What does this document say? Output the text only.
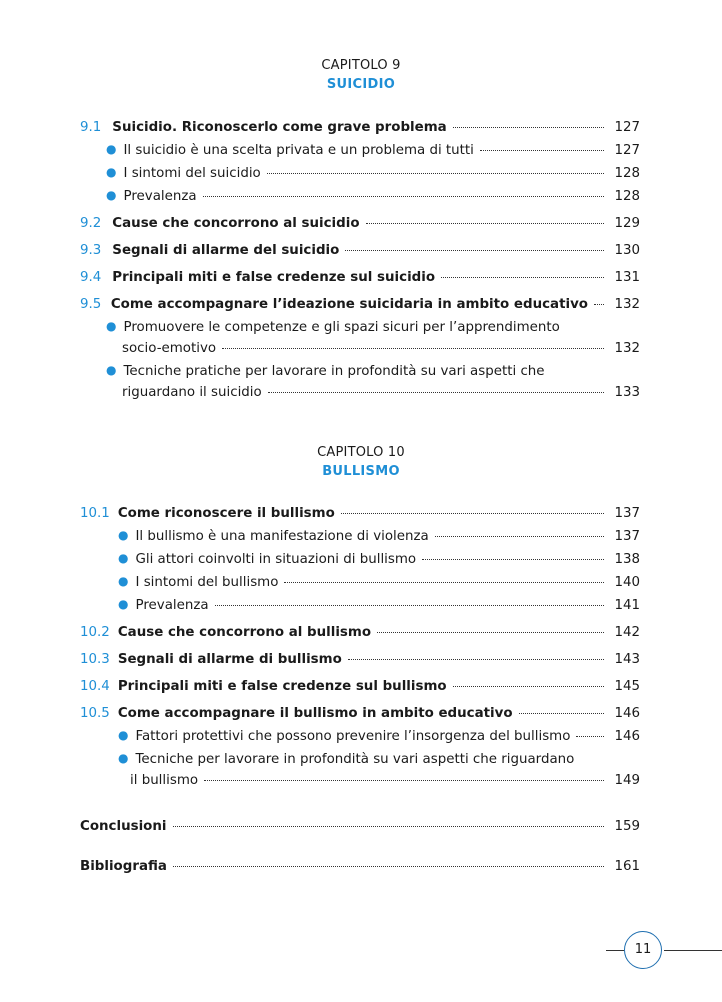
CAPITOLO 9
SUICIDIO
9.1 Suicidio. Riconoscerlo come grave problema	127
● Il suicidio è una scelta privata e un problema di tutti	127
● I sintomi del suicidio	128
● Prevalenza	128
9.2 Cause che concorrono al suicidio	129
9.3 Segnali di allarme del suicidio	130
9.4 Principali miti e false credenze sul suicidio	131
9.5 Come accompagnare l’ideazione suicidaria in ambito educativo	132
● Promuovere le competenze e gli spazi sicuri per l’apprendimento
socio-emotivo	132
● Tecniche pratiche per lavorare in profondità su vari aspetti che
riguardano il suicidio	133
CAPITOLO 10
BULLISMO
10.1 Come riconoscere il bullismo	137
● Il bullismo è una manifestazione di violenza	137
● Gli attori coinvolti in situazioni di bullismo	138
● I sintomi del bullismo	140
● Prevalenza	141
10.2 Cause che concorrono al bullismo	142
10.3 Segnali di allarme di bullismo	143
10.4 Principali miti e false credenze sul bullismo	145
10.5 Come accompagnare il bullismo in ambito educativo	146
● Fattori protettivi che possono prevenire l’insorgenza del bullismo	146
● Tecniche per lavorare in profondità su vari aspetti che riguardano
il bullismo	149
Conclusioni	159
Bibliografia	161
11
